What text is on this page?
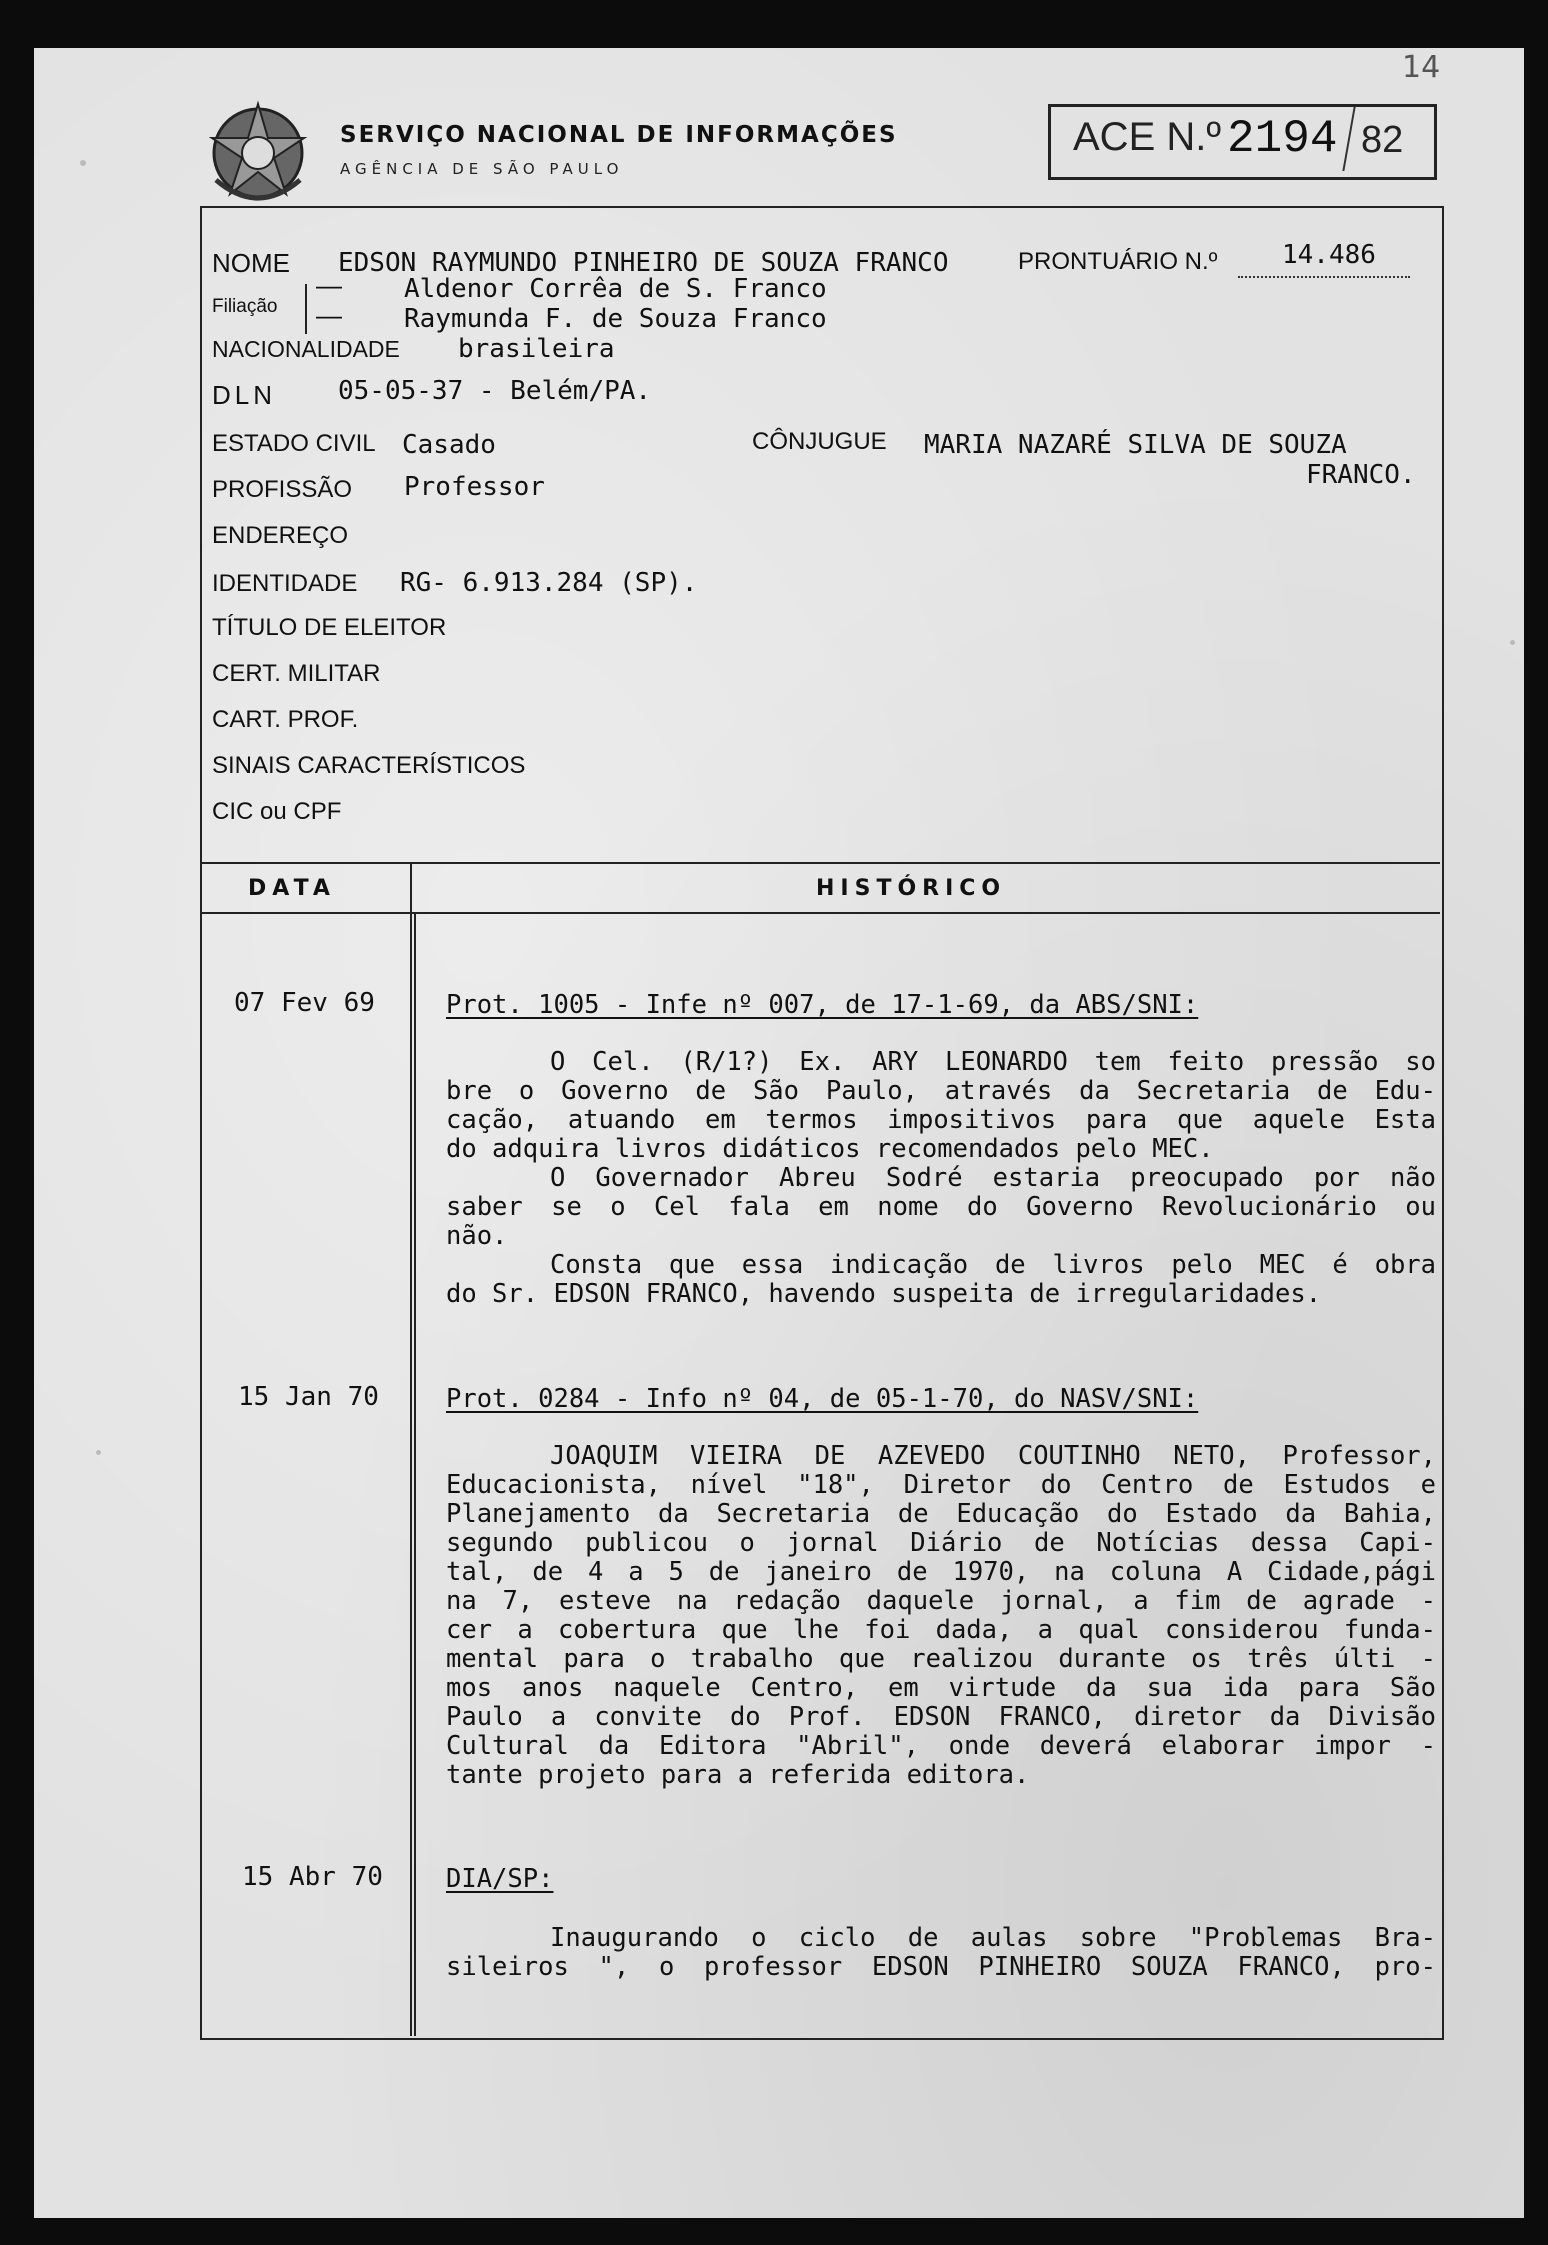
14
SERVIÇO NACIONAL DE INFORMAÇÕES
AGÊNCIA DE SÃO PAULO
ACE N.º 2194 82
NOME EDSON RAYMUNDO PINHEIRO DE SOUZA FRANCO	PRONTUÁRIO N.º 14.486
Filiação
—
—
Aldenor Corrêa de S. Franco
Raymunda F. de Souza Franco
NACIONALIDADE brasileira
DLN 05-05-37 - Belém/PA.
ESTADO CIVIL Casado	CÔNJUGUE MARIA NAZARÉ SILVA DE SOUZA
FRANCO.
PROFISSÃO Professor
ENDEREÇO
IDENTIDADE RG- 6.913.284 (SP).
TÍTULO DE ELEITOR
CERT. MILITAR
CART. PROF.
SINAIS CARACTERÍSTICOS
CIC ou CPF
DATA	HISTÓRICO
07 Fev 69	Prot. 1005 - Infe nº 007, de 17-1-69, da ABS/SNI:
O Cel. (R/1?) Ex. ARY LEONARDO tem feito pressão so
bre o Governo de São Paulo, através da Secretaria de Edu-
cação, atuando em termos impositivos para que aquele Esta
do adquira livros didáticos recomendados pelo MEC.
O Governador Abreu Sodré estaria preocupado por não
saber se o Cel fala em nome do Governo Revolucionário ou
não.
Consta que essa indicação de livros pelo MEC é obra
do Sr. EDSON FRANCO, havendo suspeita de irregularidades.
15 Jan 70	Prot. 0284 - Info nº 04, de 05-1-70, do NASV/SNI:
JOAQUIM VIEIRA DE AZEVEDO COUTINHO NETO, Professor,
Educacionista, nível "18", Diretor do Centro de Estudos e
Planejamento da Secretaria de Educação do Estado da Bahia,
segundo publicou o jornal Diário de Notícias dessa Capi-
tal, de 4 a 5 de janeiro de 1970, na coluna A Cidade,pági
na 7, esteve na redação daquele jornal, a fim de agrade -
cer a cobertura que lhe foi dada, a qual considerou funda-
mental para o trabalho que realizou durante os três últi -
mos anos naquele Centro, em virtude da sua ida para São
Paulo a convite do Prof. EDSON FRANCO, diretor da Divisão
Cultural da Editora "Abril", onde deverá elaborar impor -
tante projeto para a referida editora.
15 Abr 70 DIA/SP:
Inaugurando o ciclo de aulas sobre "Problemas Bra-
sileiros ", o professor EDSON PINHEIRO SOUZA FRANCO, pro-
